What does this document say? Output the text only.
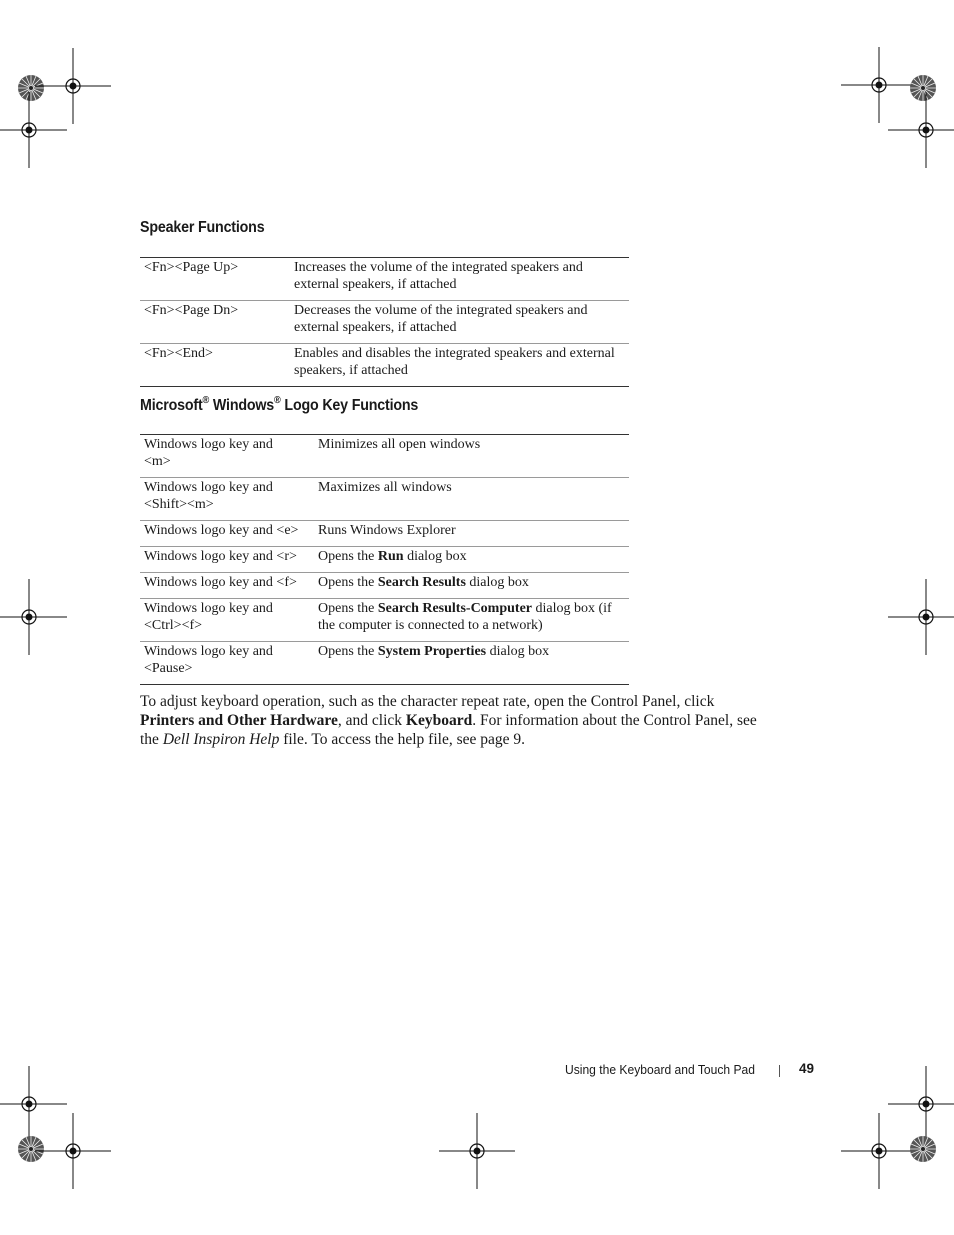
Speaker Functions
<Fn><Page Up>	Increases the volume of the integrated speakers and external speakers, if attached
<Fn><Page Dn>	Decreases the volume of the integrated speakers and external speakers, if attached
<Fn><End>	Enables and disables the integrated speakers and external speakers, if attached
Microsoft® Windows® Logo Key Functions
Windows logo key and
<m>	Minimizes all open windows
Windows logo key and
<Shift><m>	Maximizes all windows
Windows logo key and <e>	Runs Windows Explorer
Windows logo key and <r>	Opens the Run dialog box
Windows logo key and <f>	Opens the Search Results dialog box
Windows logo key and
<Ctrl><f>	Opens the Search Results-Computer dialog box (if the computer is connected to a network)
Windows logo key and
<Pause>	Opens the System Properties dialog box

To adjust keyboard operation, such as the character repeat rate, open the Control Panel, click Printers and Other Hardware, and click Keyboard. For information about the Control Panel, see the Dell Inspiron Help file. To access the help file, see page 9.

Using the Keyboard and Touch Pad	49
